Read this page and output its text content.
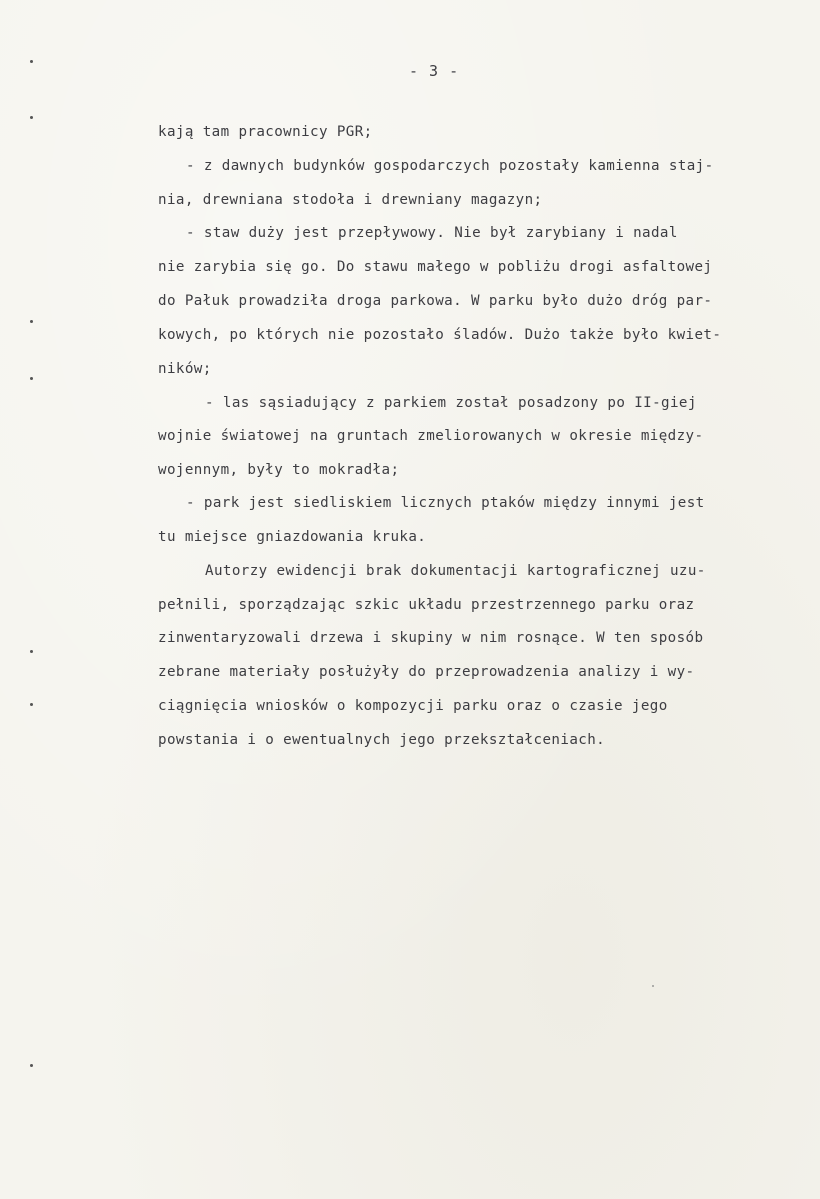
- 3 -
kają tam pracownicy PGR;
- z dawnych budynków gospodarczych pozostały kamienna staj-
nia, drewniana stodoła i drewniany magazyn;
- staw duży jest przepływowy. Nie był zarybiany i nadal
nie zarybia się go. Do stawu małego w pobliżu drogi asfaltowej
do Pałuk prowadziła droga parkowa. W parku było dużo dróg par-
kowych, po których nie pozostało śladów. Dużo także było kwiet-
ników;
- las sąsiadujący z parkiem został posadzony po II-giej
wojnie światowej na gruntach zmeliorowanych w okresie między-
wojennym, były to mokradła;
- park jest siedliskiem licznych ptaków między innymi jest
tu miejsce gniazdowania kruka.
Autorzy ewidencji brak dokumentacji kartograficznej uzu-
pełnili, sporządzając szkic układu przestrzennego parku oraz
zinwentaryzowali drzewa i skupiny w nim rosnące. W ten sposób
zebrane materiały posłużyły do przeprowadzenia analizy i wy-
ciągnięcia wniosków o kompozycji parku oraz o czasie jego
powstania i o ewentualnych jego przekształceniach.
